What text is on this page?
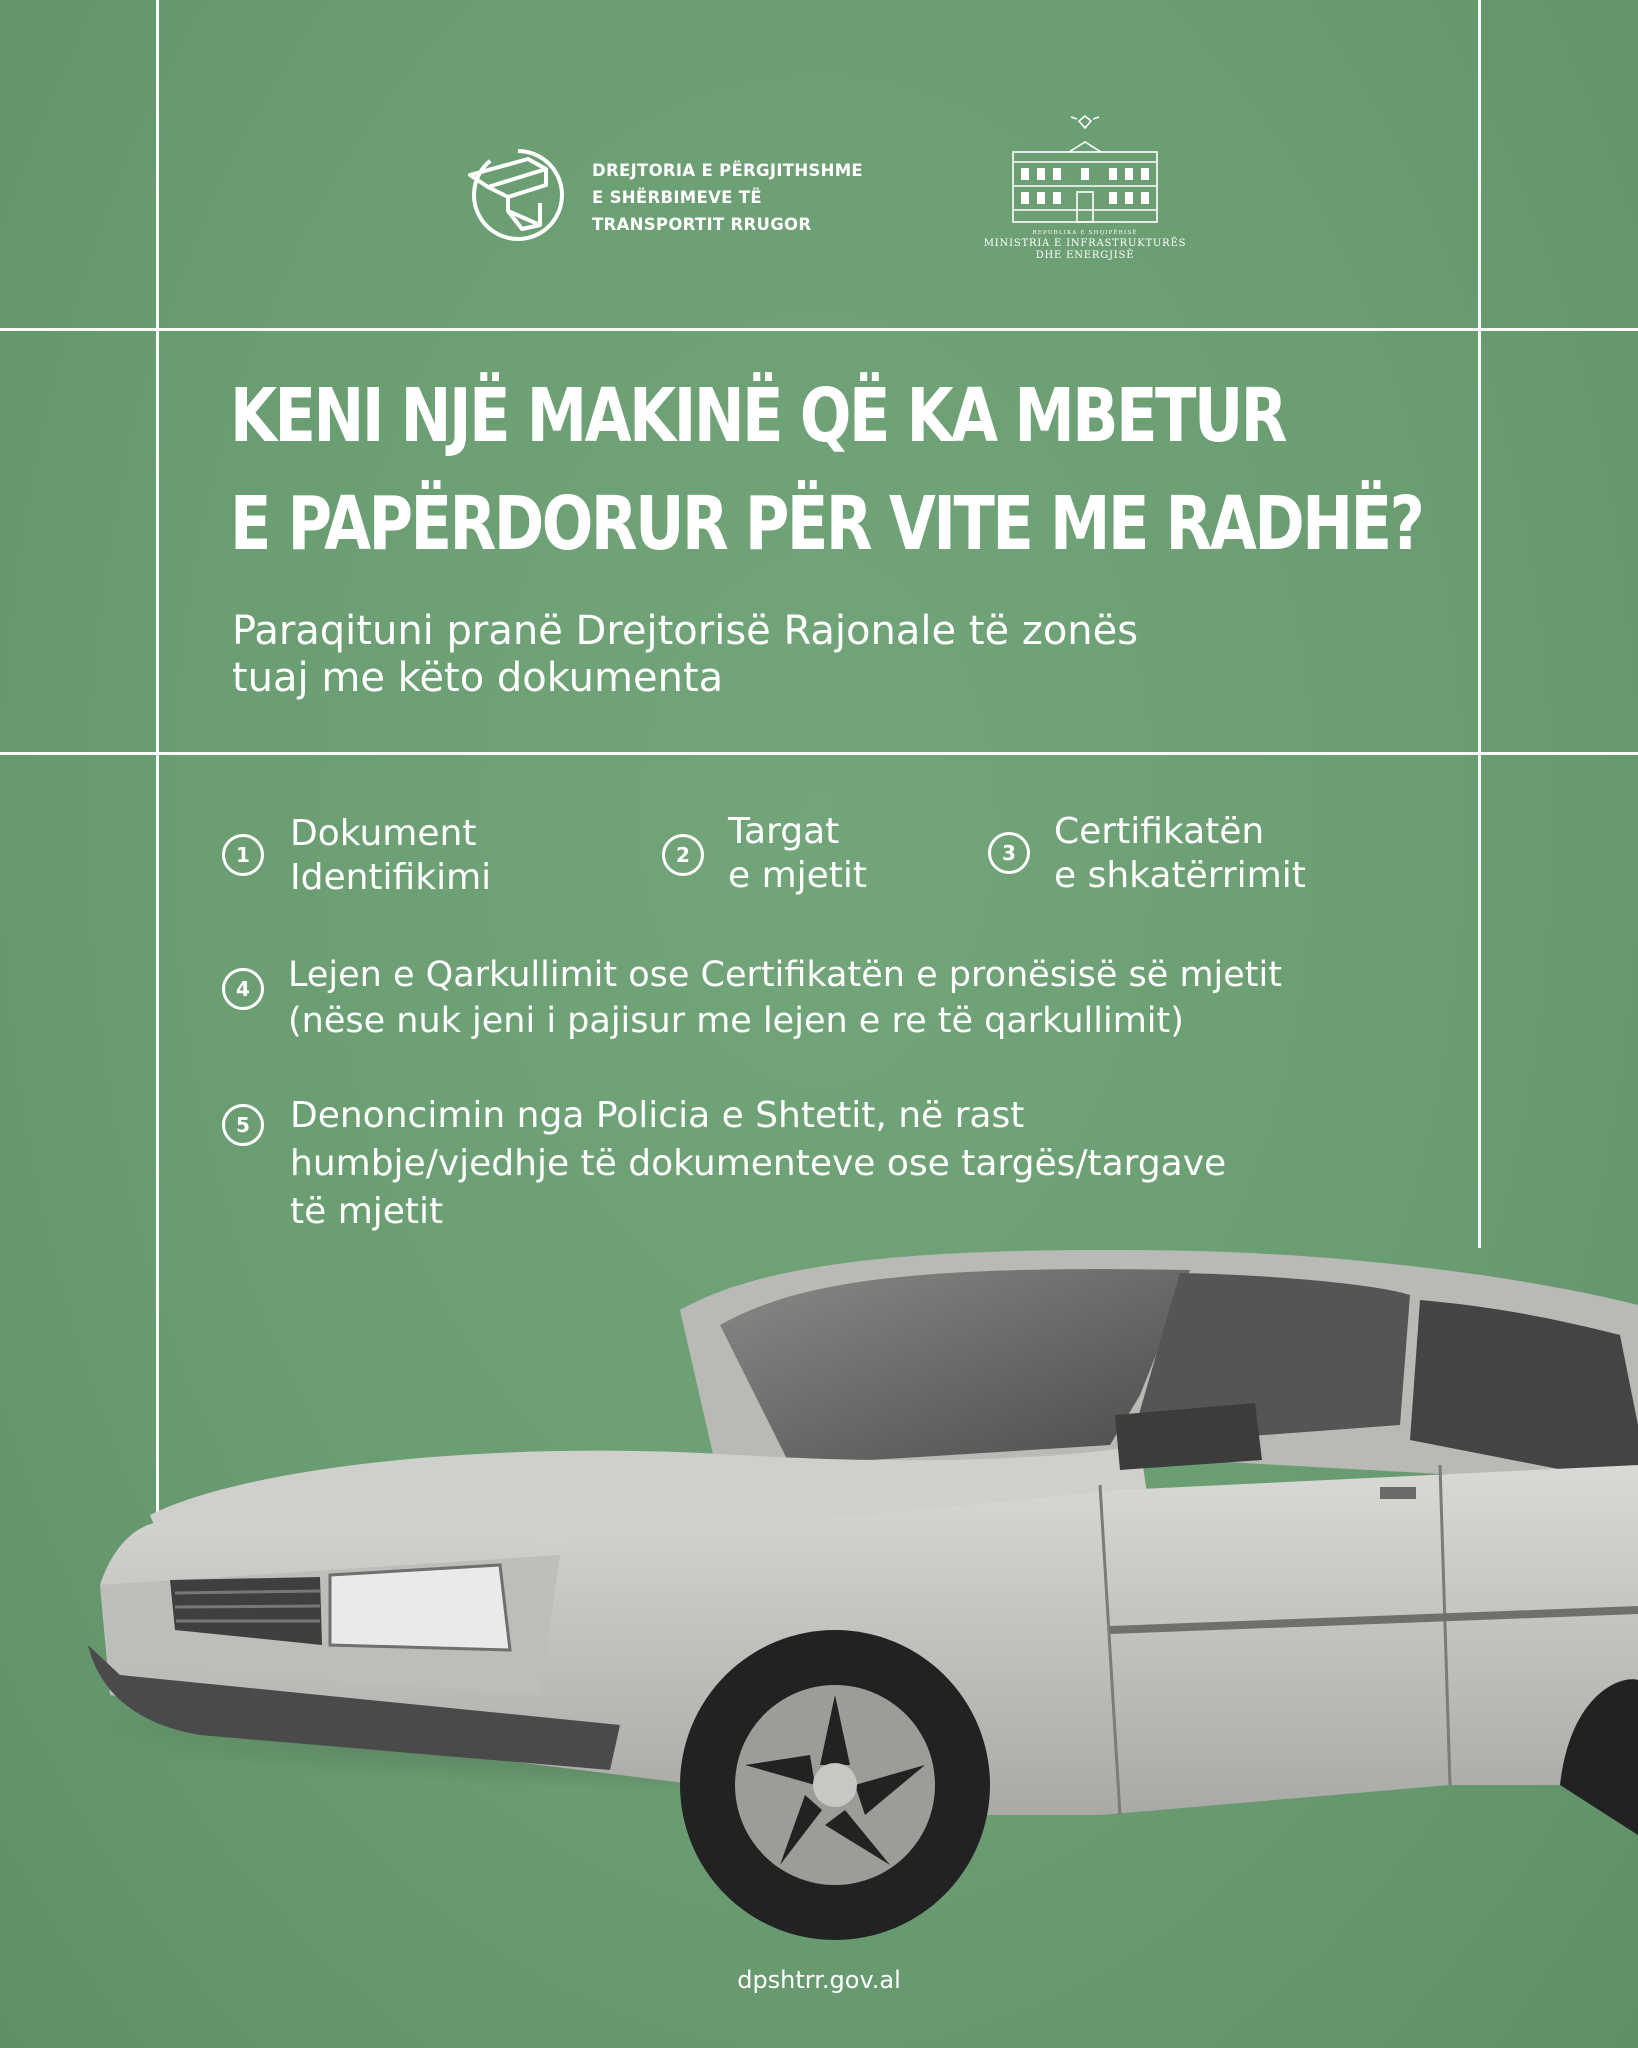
DREJTORIA E PËRGJITHSHME
E SHËRBIMEVE TË
TRANSPORTIT RRUGOR	REPUBLIKA E SHQIPËRISË
MINISTRIA E INFRASTRUKTURËS
DHE ENERGJISË
KENI NJË MAKINË QË KA MBETUR
E PAPËRDORUR PËR VITE ME RADHË?
Paraqituni pranë Drejtorisë Rajonale të zonës
tuaj me këto dokumenta
1
Dokument
Identifikimi
2
Targat
e mjetit
3
Certifikatën
e shkatërrimit
4	Lejen e Qarkullimit ose Certifikatën e pronësisë së mjetit
(nëse nuk jeni i pajisur me lejen e re të qarkullimit)
5	Denoncimin nga Policia e Shtetit, në rast
humbje/vjedhje të dokumenteve ose targës/targave
të mjetit
dpshtrr.gov.al
